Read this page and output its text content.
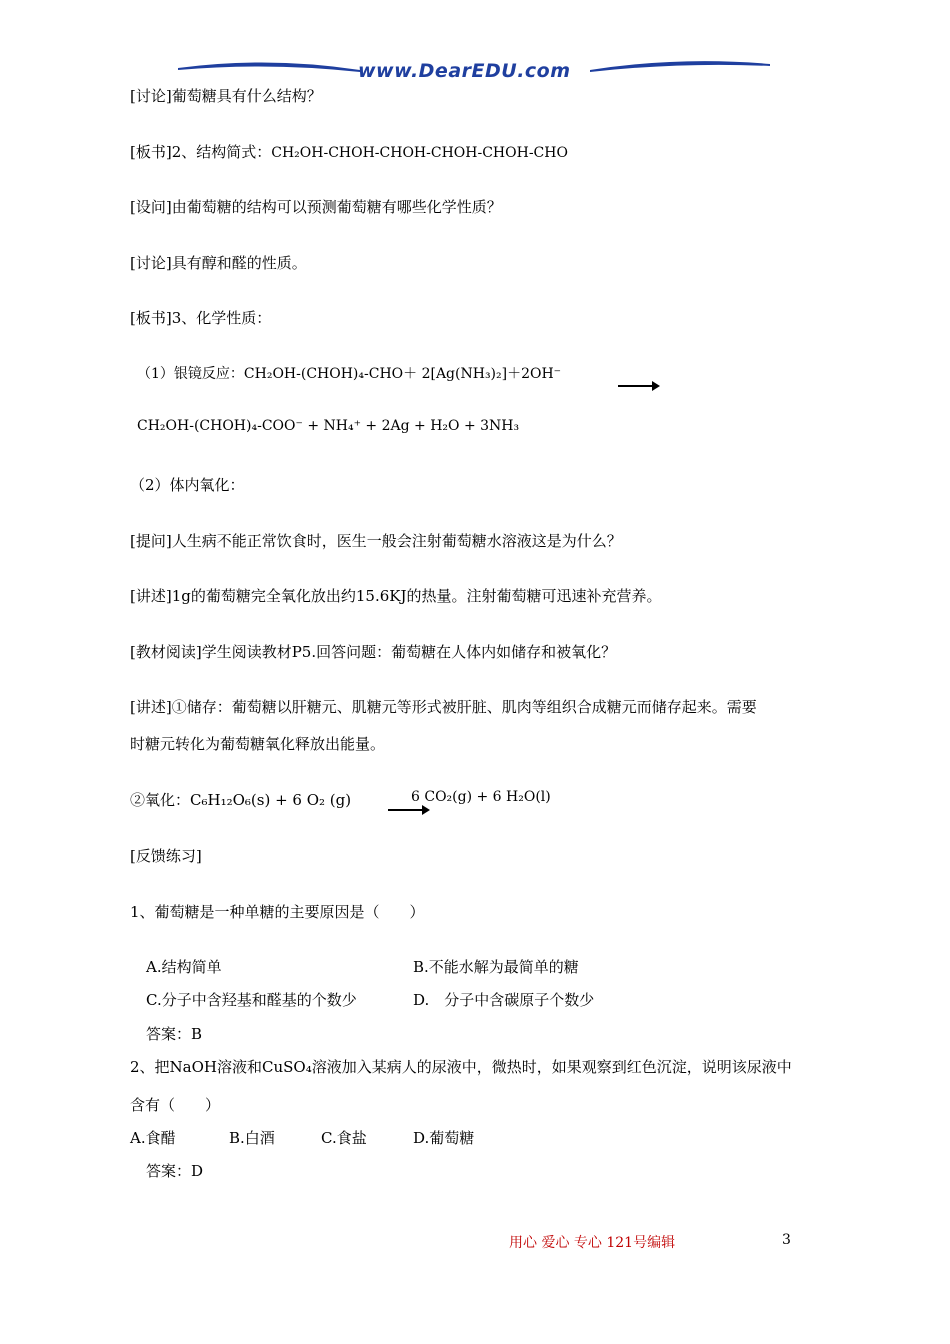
www.DearEDU.com
[讨论]葡萄糖具有什么结构？
[板书]2、结构简式：CH₂OH-CHOH-CHOH-CHOH-CHOH-CHO
[设问]由葡萄糖的结构可以预测葡萄糖有哪些化学性质？
[讨论]具有醇和醛的性质。
[板书]3、化学性质：
（1）银镜反应：CH₂OH-(CHOH)₄-CHO＋ 2[Ag(NH₃)₂]＋2OH⁻
CH₂OH-(CHOH)₄-COO⁻ + NH₄⁺ + 2Ag + H₂O + 3NH₃
（2）体内氧化：
[提问]人生病不能正常饮食时，医生一般会注射葡萄糖水溶液这是为什么？
[讲述]1g的葡萄糖完全氧化放出约15.6KJ的热量。注射葡萄糖可迅速补充营养。
[教材阅读]学生阅读教材P5.回答问题：葡萄糖在人体内如储存和被氧化？
[讲述]①储存：葡萄糖以肝糖元、肌糖元等形式被肝脏、肌肉等组织合成糖元而储存起来。需要
时糖元转化为葡萄糖氧化释放出能量。
②氧化：C₆H₁₂O₆(s) + 6 O₂ (g)	6 CO₂(g) + 6 H₂O(l)
[反馈练习]
1、葡萄糖是一种单糖的主要原因是（　　）
A.结构简单	B.不能水解为最简单的糖
C.分子中含羟基和醛基的个数少	D.　分子中含碳原子个数少
答案：B
2、把NaOH溶液和CuSO₄溶液加入某病人的尿液中，微热时，如果观察到红色沉淀，说明该尿液中
含有（　　）
A.食醋	B.白酒	C.食盐	D.葡萄糖
答案：D
用心 爱心 专心 121号编辑	3
